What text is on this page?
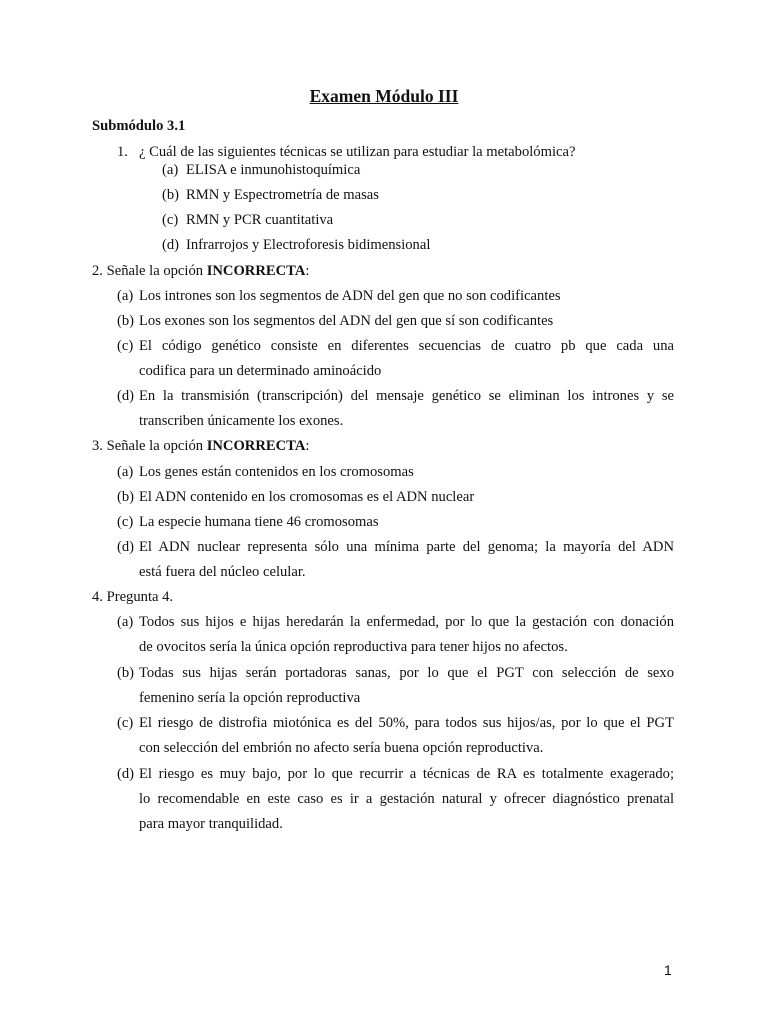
Examen Módulo III
Submódulo 3.1
1. ¿ Cuál de las siguientes técnicas se utilizan para estudiar la metabolómica?
(a) ELISA e inmunohistoquímica
(b) RMN y Espectrometría de masas
(c) RMN y PCR cuantitativa
(d) Infrarrojos y Electroforesis bidimensional
2. Señale la opción INCORRECTA:
(a) Los intrones son los segmentos de ADN del gen que no son codificantes
(b) Los exones son los segmentos del ADN del gen que sí son codificantes
(c) El código genético consiste en diferentes secuencias de cuatro pb que cada una
codifica para un determinado aminoácido
(d) En la transmisión (transcripción) del mensaje genético se eliminan los intrones y se
transcriben únicamente los exones.
3. Señale la opción INCORRECTA:
(a) Los genes están contenidos en los cromosomas
(b) El ADN contenido en los cromosomas es el ADN nuclear
(c) La especie humana tiene 46 cromosomas
(d) El ADN nuclear representa sólo una mínima parte del genoma; la mayoría del ADN
está fuera del núcleo celular.
4. Pregunta 4.
(a) Todos sus hijos e hijas heredarán la enfermedad, por lo que la gestación con donación
de ovocitos sería la única opción reproductiva para tener hijos no afectos.
(b) Todas sus hijas serán portadoras sanas, por lo que el PGT con selección de sexo
femenino sería la opción reproductiva
(c) El riesgo de distrofia miotónica es del 50%, para todos sus hijos/as, por lo que el PGT
con selección del embrión no afecto sería buena opción reproductiva.
(d) El riesgo es muy bajo, por lo que recurrir a técnicas de RA es totalmente exagerado;
lo recomendable en este caso es ir a gestación natural y ofrecer diagnóstico prenatal
para mayor tranquilidad.
1
